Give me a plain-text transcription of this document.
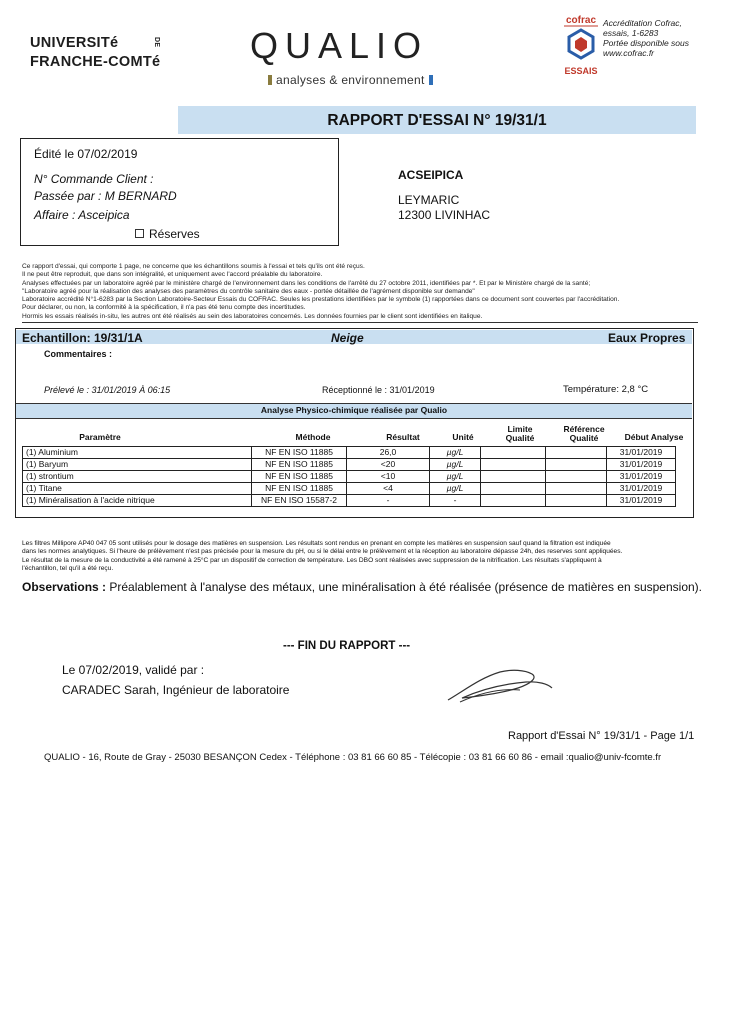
UNIVERSITé
FRANCHE-COMTé
DE	QUALIO
analyses & environnement
cofrac
ESSAIS
Accréditation Cofrac,
essais, 1-6283
Portée disponible sous
www.cofrac.fr
RAPPORT D'ESSAI N° 19/31/1
Édité le 07/02/2019
N° Commande Client :
Passée par : M BERNARD
Affaire : Asceipica
Réserves
ACSEIPICA
LEYMARIC
12300 LIVINHAC
Ce rapport d'essai, qui comporte 1 page, ne concerne que les échantillons soumis à l'essai et tels qu'ils ont été reçus.
Il ne peut être reproduit, que dans son intégralité, et uniquement avec l'accord préalable du laboratoire.
Analyses effectuées par un laboratoire agréé par le ministère chargé de l'environnement dans les conditions de l'arrêté du 27 octobre 2011, identifiées par *. Et par le Ministère chargé de la santé;
"Laboratoire agréé pour la réalisation des analyses des paramètres du contrôle sanitaire des eaux - portée détaillée de l'agrément disponible sur demande"
Laboratoire accrédité N°1-6283 par la Section Laboratoire-Secteur Essais du COFRAC. Seules les prestations identifiées par le symbole (1) rapportées dans ce document sont couvertes par l'accréditation.
Pour déclarer, ou non, la conformité à la spécification, il n'a pas été tenu compte des incertitudes.
Hormis les essais réalisés in-situ, les autres ont été réalisés au sein des laboratoires concernés. Les données fournies par le client sont identifiées en italique.
Echantillon: 19/31/1A	Neige	Eaux Propres
Commentaires :
Prélevé le : 31/01/2019 À 06:15	Réceptionné le : 31/01/2019	Température: 2,8 °C
Analyse Physico-chimique réalisée par Qualio
Paramètre	Méthode	Résultat	Unité
Limite
Qualité
Référence
Qualité	Début Analyse
(1) Aluminium	NF EN ISO 11885	26,0	µg/L			31/01/2019
(1) Baryum	NF EN ISO 11885	<20	µg/L			31/01/2019
(1) strontium	NF EN ISO 11885	<10	µg/L			31/01/2019
(1) Titane	NF EN ISO 11885	<4	µg/L			31/01/2019
(1) Minéralisation à l'acide nitrique	NF EN ISO 15587-2	-	-			31/01/2019
Les filtres Millipore AP40 047 05 sont utilisés pour le dosage des matières en suspension. Les résultats sont rendus en prenant en compte les matières en suspension sauf quand la filtration est indiquée
dans les normes analytiques. Si l'heure de prélèvement n'est pas précisée pour la mesure du pH, ou si le délai entre le prélèvement et la réception au laboratoire dépasse 24h, des reserves sont appliquées.
Le résultat de la mesure de la conductivité a été ramené à 25°C par un dispositif de correction de température. Les DBO sont réalisées avec suppression de la nitrification. Les résultats s'appliquent à
l'échantillon, tel qu'il a été reçu.
Observations : Préalablement à l'analyse des métaux, une minéralisation à été réalisée (présence de matières en suspension).
--- FIN DU RAPPORT ---
Le 07/02/2019, validé par :
CARADEC Sarah, Ingénieur de laboratoire
Rapport d'Essai N° 19/31/1 - Page 1/1
QUALIO - 16, Route de Gray - 25030 BESANÇON Cedex - Téléphone : 03 81 66 60 85 - Télécopie : 03 81 66 60 86 - email :qualio@univ-fcomte.fr
